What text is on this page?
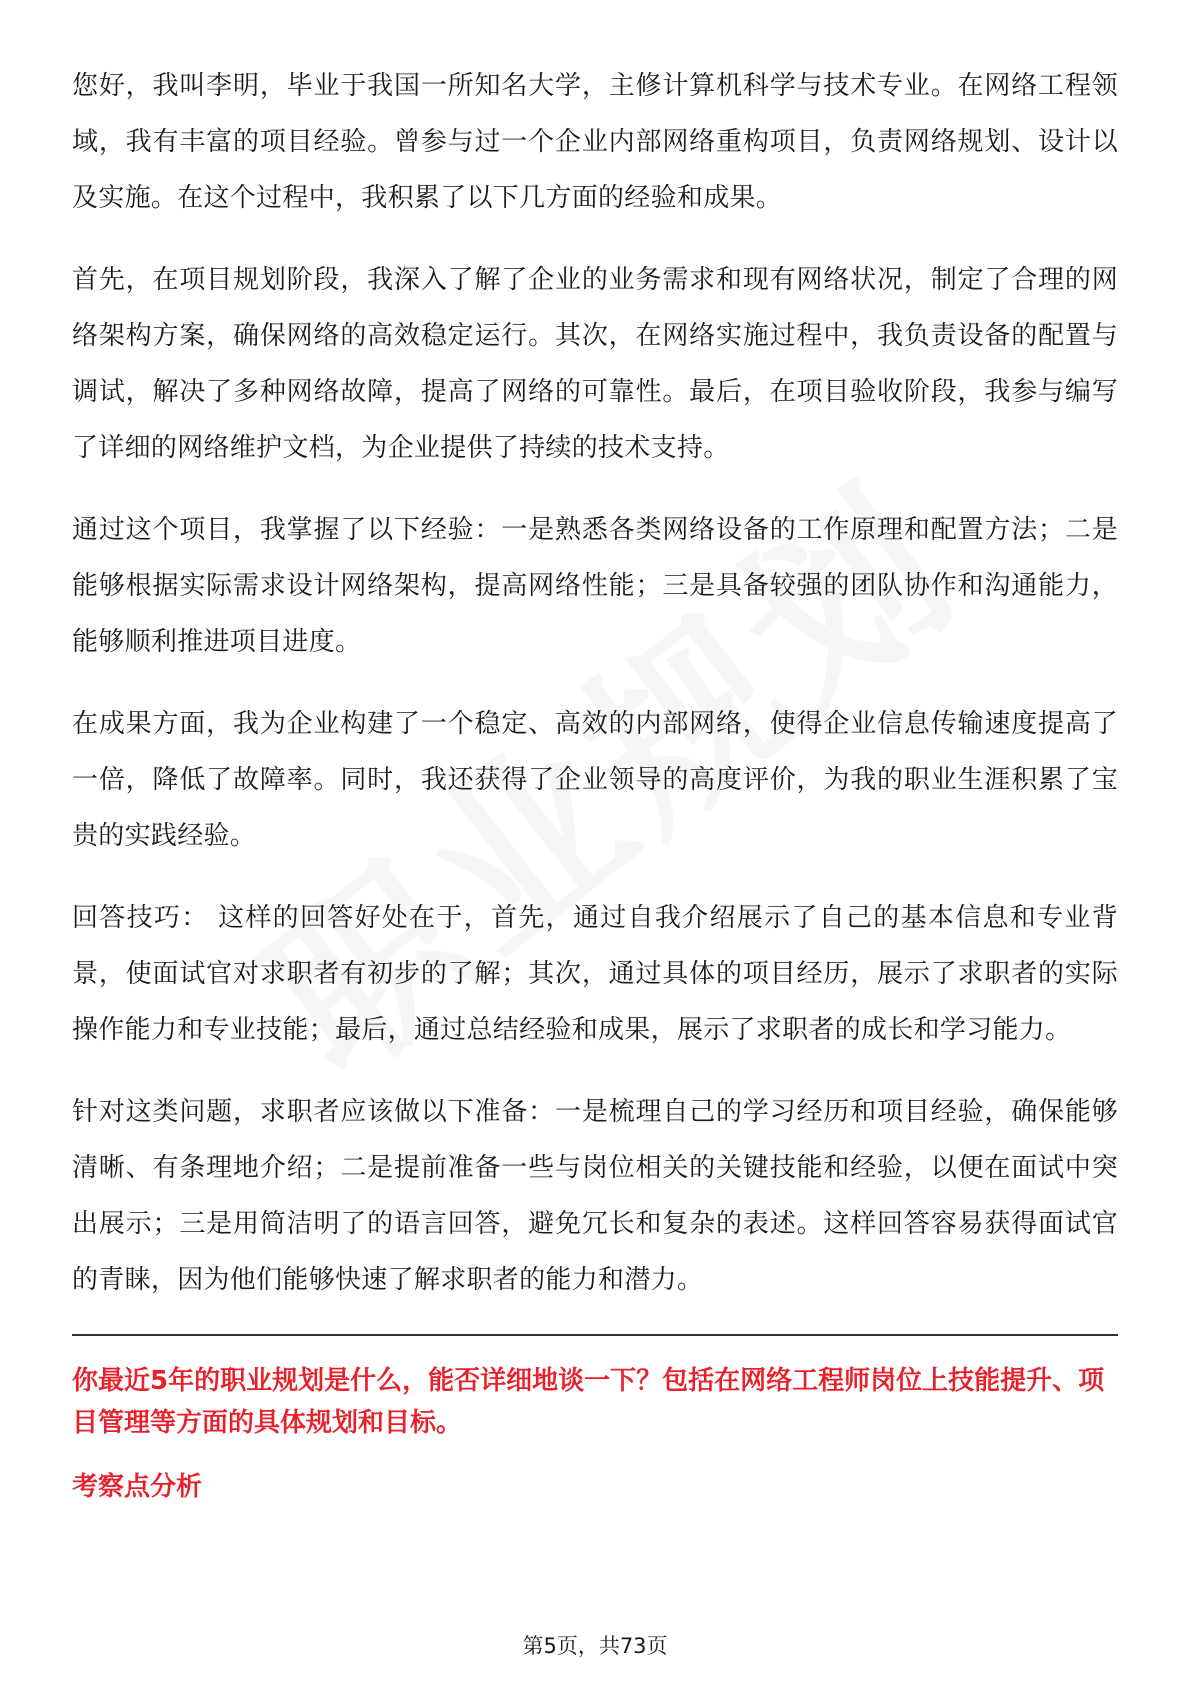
您好，我叫李明，毕业于我国一所知名大学，主修计算机科学与技术专业。在网络工程领域，我有丰富的项目经验。曾参与过一个企业内部网络重构项目，负责网络规划、设计以及实施。在这个过程中，我积累了以下几方面的经验和成果。

首先，在项目规划阶段，我深入了解了企业的业务需求和现有网络状况，制定了合理的网络架构方案，确保网络的高效稳定运行。其次，在网络实施过程中，我负责设备的配置与调试，解决了多种网络故障，提高了网络的可靠性。最后，在项目验收阶段，我参与编写了详细的网络维护文档，为企业提供了持续的技术支持。

通过这个项目，我掌握了以下经验：一是熟悉各类网络设备的工作原理和配置方法；二是能够根据实际需求设计网络架构，提高网络性能；三是具备较强的团队协作和沟通能力，能够顺利推进项目进度。

在成果方面，我为企业构建了一个稳定、高效的内部网络，使得企业信息传输速度提高了一倍，降低了故障率。同时，我还获得了企业领导的高度评价，为我的职业生涯积累了宝贵的实践经验。

回答技巧： 这样的回答好处在于，首先，通过自我介绍展示了自己的基本信息和专业背景，使面试官对求职者有初步的了解；其次，通过具体的项目经历，展示了求职者的实际操作能力和专业技能；最后，通过总结经验和成果，展示了求职者的成长和学习能力。

针对这类问题，求职者应该做以下准备：一是梳理自己的学习经历和项目经验，确保能够清晰、有条理地介绍；二是提前准备一些与岗位相关的关键技能和经验，以便在面试中突出展示；三是用简洁明了的语言回答，避免冗长和复杂的表述。这样回答容易获得面试官的青睐，因为他们能够快速了解求职者的能力和潜力。

你最近5年的职业规划是什么，能否详细地谈一下？包括在网络工程师岗位上技能提升、项目管理等方面的具体规划和目标。

考察点分析

第5页，共73页
